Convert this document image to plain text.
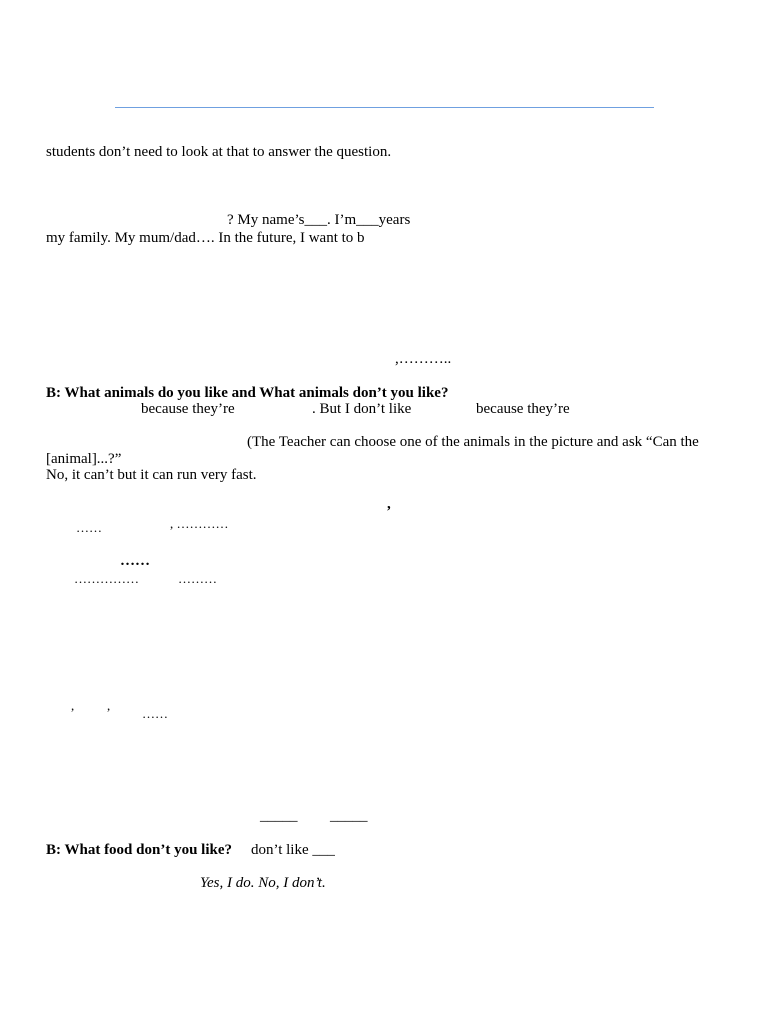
students don’t need to look at that to answer the question.
? My name’s___. I’m___years
my family. My mum/dad…. In the future, I want to b
,………..
B: What animals do you like and What animals don’t you like?
because they’re	. But I don’t like	because they’re
(The Teacher can choose one of the animals in the picture and ask “Can the
[animal]...?”
No, it can’t but it can run very fast.
,
……	, …………
……
……………	………
,	,
……
_____ _____
B: What food don’t you like? don’t like ___
Yes, I do. No, I don’t.
